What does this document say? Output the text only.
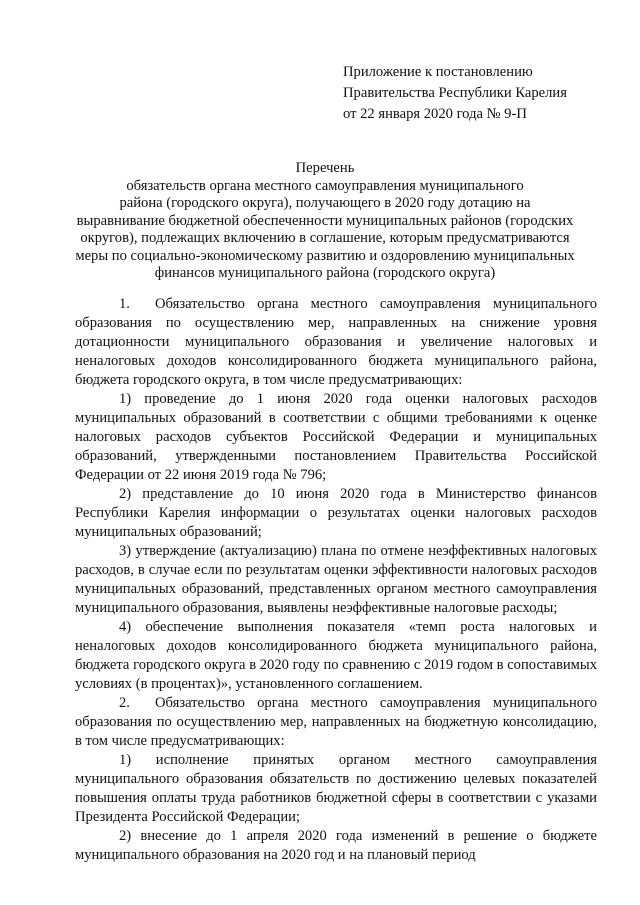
Приложение к постановлению
Правительства Республики Карелия
от 22 января 2020 года № 9-П
Перечень
обязательств органа местного самоуправления муниципального
района (городского округа), получающего в 2020 году дотацию на
выравнивание бюджетной обеспеченности муниципальных районов (городских
округов), подлежащих включению в соглашение, которым предусматриваются
меры по социально-экономическому развитию и оздоровлению муниципальных
финансов муниципального района (городского округа)

1. Обязательство органа местного самоуправления муниципального образования по осуществлению мер, направленных на снижение уровня дотационности муниципального образования и увеличение налоговых и неналоговых доходов консолидированного бюджета муниципального района, бюджета городского округа, в том числе предусматривающих:

1) проведение до 1 июня 2020 года оценки налоговых расходов муниципальных образований в соответствии с общими требованиями к оценке налоговых расходов субъектов Российской Федерации и муниципальных образований, утвержденными постановлением Правительства Российской Федерации от 22 июня 2019 года № 796;

2) представление до 10 июня 2020 года в Министерство финансов Республики Карелия информации о результатах оценки налоговых расходов муниципальных образований;

3) утверждение (актуализацию) плана по отмене неэффективных налоговых расходов, в случае если по результатам оценки эффективности налоговых расходов муниципальных образований, представленных органом местного самоуправления муниципального образования, выявлены неэффективные налоговые расходы;

4) обеспечение выполнения показателя «темп роста налоговых и неналоговых доходов консолидированного бюджета муниципального района, бюджета городского округа в 2020 году по сравнению с 2019 годом в сопоставимых условиях (в процентах)», установленного соглашением.

2. Обязательство органа местного самоуправления муниципального образования по осуществлению мер, направленных на бюджетную консолидацию, в том числе предусматривающих:

1) исполнение принятых органом местного самоуправления муниципального образования обязательств по достижению целевых показателей повышения оплаты труда работников бюджетной сферы в соответствии с указами Президента Российской Федерации;

2) внесение до 1 апреля 2020 года изменений в решение о бюджете муниципального образования на 2020 год и на плановый период
